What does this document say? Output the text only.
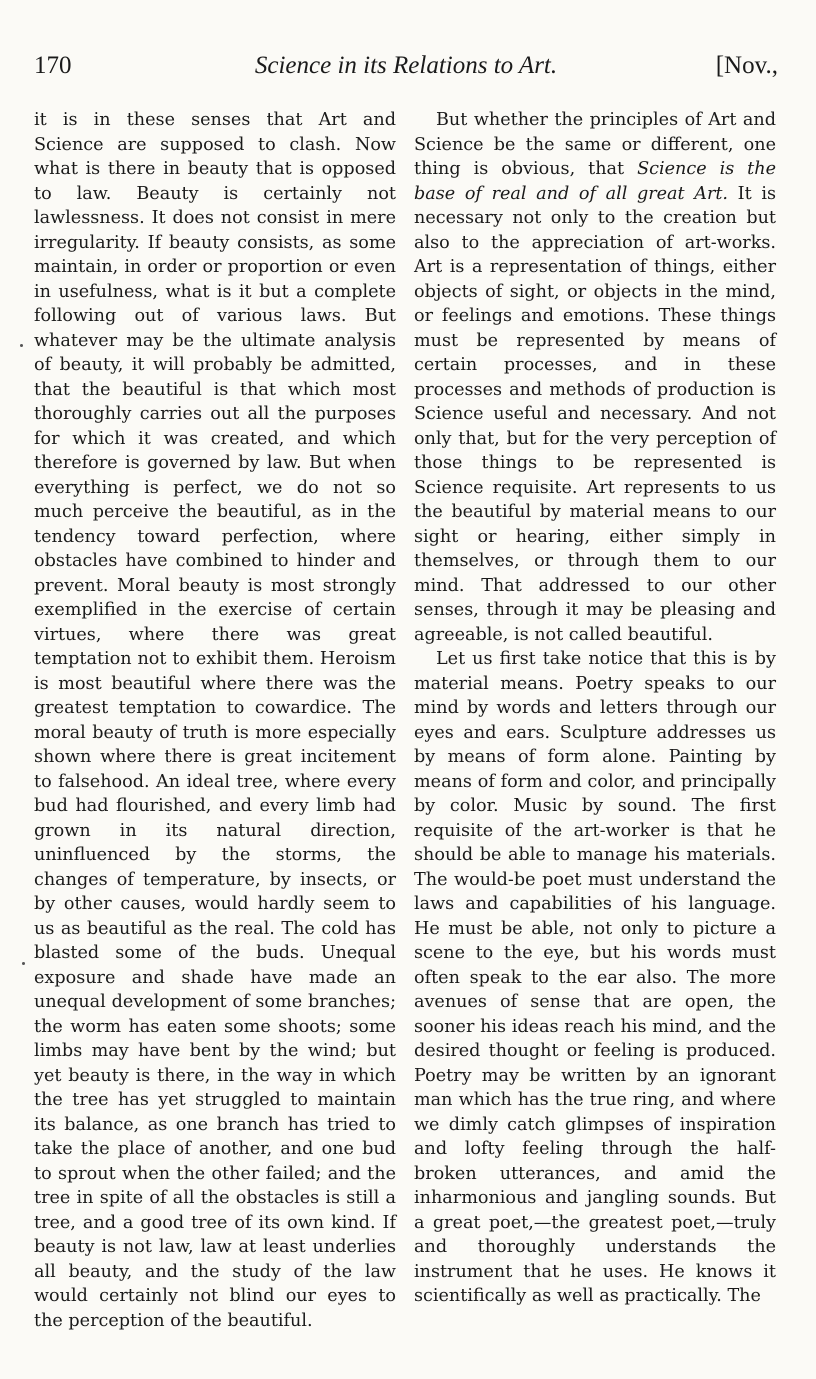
170	Science in its Relations to Art.	[Nov.,

it is in these senses that Art and Science are supposed to clash. Now what is there in beauty that is opposed to law. Beauty is certainly not lawlessness. It does not consist in mere irregularity. If beauty consists, as some maintain, in order or proportion or even in usefulness, what is it but a complete following out of various laws. But whatever may be the ultimate analysis of beauty, it will probably be admitted, that the beautiful is that which most thoroughly carries out all the purposes for which it was created, and which therefore is governed by law. But when everything is perfect, we do not so much perceive the beautiful, as in the tendency toward perfection, where obstacles have combined to hinder and prevent. Moral beauty is most strongly exemplified in the exercise of certain virtues, where there was great temptation not to exhibit them. Heroism is most beautiful where there was the greatest temptation to cowardice. The moral beauty of truth is more especially shown where there is great incitement to falsehood. An ideal tree, where every bud had flourished, and every limb had grown in its natural direction, uninfluenced by the storms, the changes of temperature, by insects, or by other causes, would hardly seem to us as beautiful as the real. The cold has blasted some of the buds. Unequal exposure and shade have made an unequal development of some branches; the worm has eaten some shoots; some limbs may have bent by the wind; but yet beauty is there, in the way in which the tree has yet struggled to maintain its balance, as one branch has tried to take the place of another, and one bud to sprout when the other failed; and the tree in spite of all the obstacles is still a tree, and a good tree of its own kind. If beauty is not law, law at least underlies all beauty, and the study of the law would certainly not blind our eyes to the perception of the beautiful.

But whether the principles of Art and Science be the same or different, one thing is obvious, that Science is the base of real and of all great Art. It is necessary not only to the creation but also to the appreciation of art-works. Art is a representation of things, either objects of sight, or objects in the mind, or feelings and emotions. These things must be represented by means of certain processes, and in these processes and methods of production is Science useful and necessary. And not only that, but for the very perception of those things to be represented is Science requisite. Art represents to us the beautiful by material means to our sight or hearing, either simply in themselves, or through them to our mind. That addressed to our other senses, through it may be pleasing and agreeable, is not called beautiful.

Let us first take notice that this is by material means. Poetry speaks to our mind by words and letters through our eyes and ears. Sculpture addresses us by means of form alone. Painting by means of form and color, and principally by color. Music by sound. The first requisite of the art-worker is that he should be able to manage his materials. The would-be poet must understand the laws and capabilities of his language. He must be able, not only to picture a scene to the eye, but his words must often speak to the ear also. The more avenues of sense that are open, the sooner his ideas reach his mind, and the desired thought or feeling is produced. Poetry may be written by an ignorant man which has the true ring, and where we dimly catch glimpses of inspiration and lofty feeling through the half-broken utterances, and amid the inharmonious and jangling sounds. But a great poet,—the greatest poet,—truly and thoroughly understands the instrument that he uses. He knows it scientifically as well as practically. The
